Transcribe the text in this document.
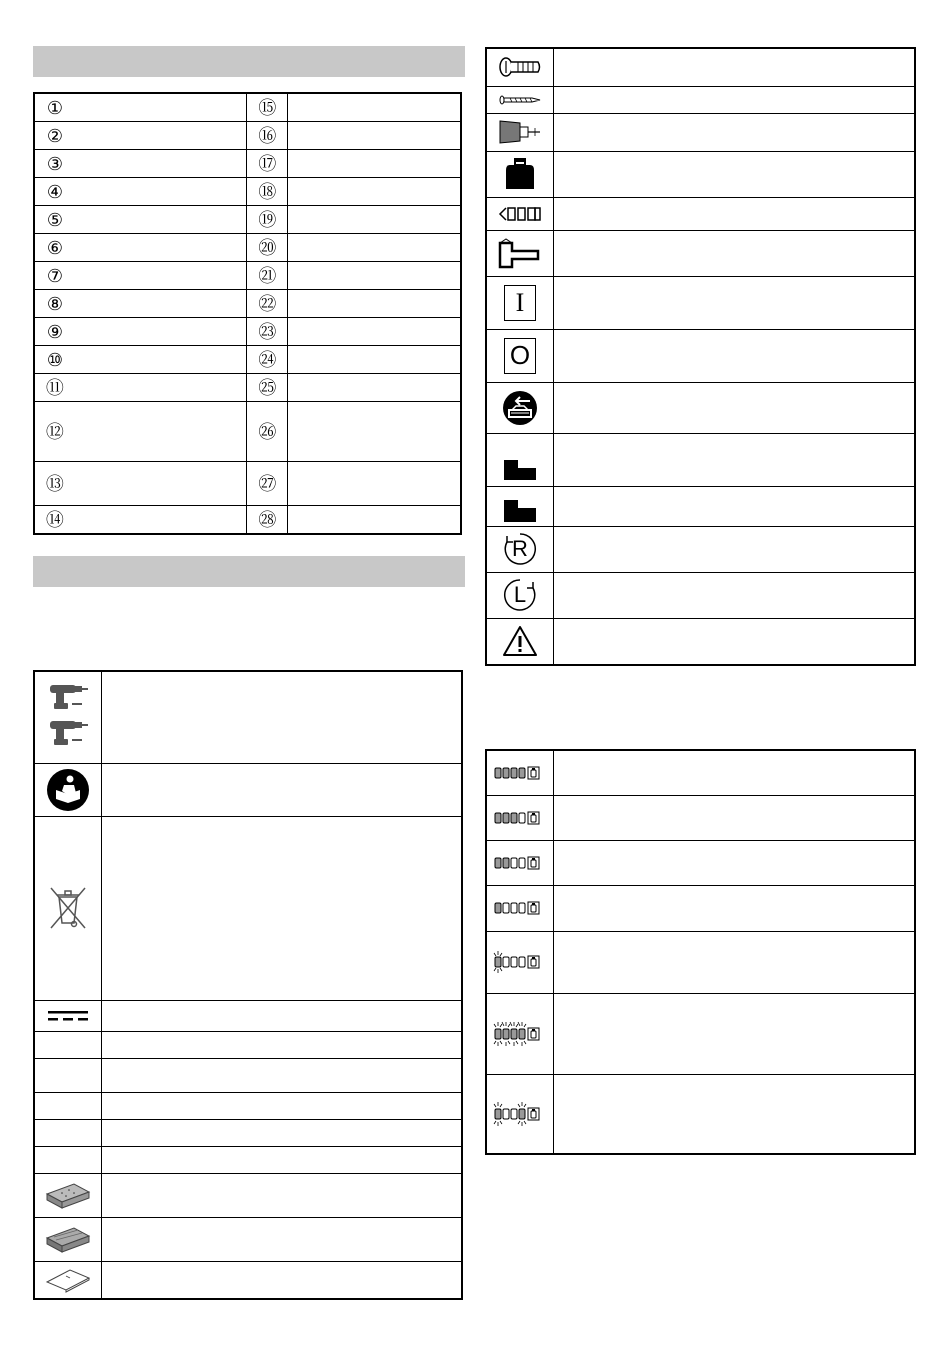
①		⑮	
②		⑯	
③		⑰	
④		⑱	
⑤		⑲	
⑥		⑳	
⑦		㉑	
⑧		㉒	
⑨		㉓	
⑩		㉔	
⑪		㉕	
⑫		㉖	
⑬		㉗	
⑭		㉘	

I	

O	

R	

L	
